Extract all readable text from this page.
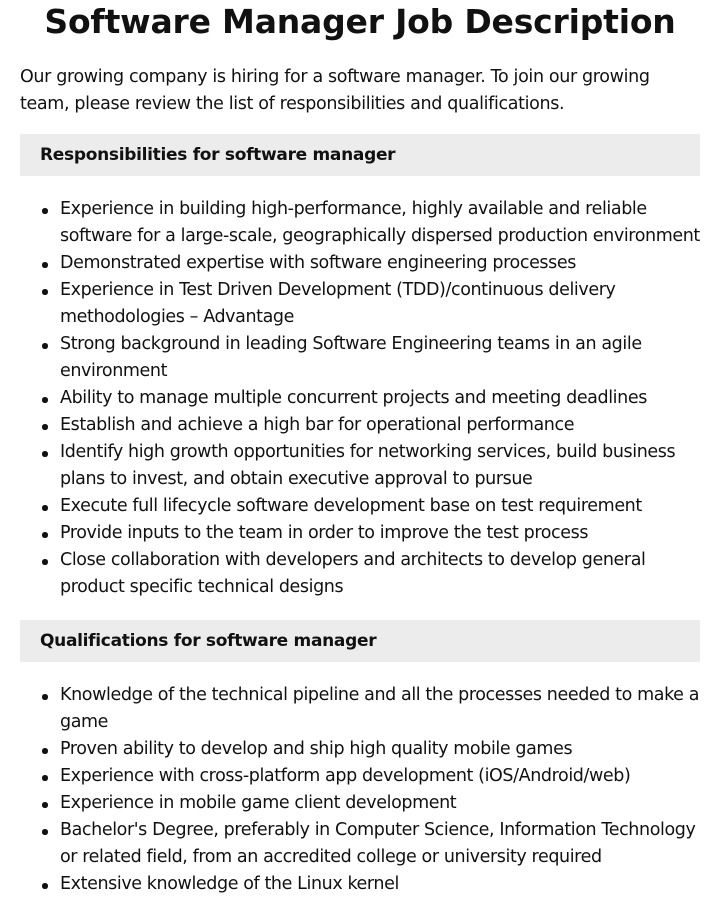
Software Manager Job Description

Our growing company is hiring for a software manager. To join our growing team, please review the list of responsibilities and qualifications.

Responsibilities for software manager
Experience in building high-performance, highly available and reliable software for a large-scale, geographically dispersed production environment
Demonstrated expertise with software engineering processes
Experience in Test Driven Development (TDD)/continuous delivery methodologies – Advantage
Strong background in leading Software Engineering teams in an agile environment
Ability to manage multiple concurrent projects and meeting deadlines
Establish and achieve a high bar for operational performance
Identify high growth opportunities for networking services, build business plans to invest, and obtain executive approval to pursue
Execute full lifecycle software development base on test requirement
Provide inputs to the team in order to improve the test process
Close collaboration with developers and architects to develop general product specific technical designs
Qualifications for software manager
Knowledge of the technical pipeline and all the processes needed to make a game
Proven ability to develop and ship high quality mobile games
Experience with cross-platform app development (iOS/Android/web)
Experience in mobile game client development
Bachelor's Degree, preferably in Computer Science, Information Technology or related field, from an accredited college or university required
Extensive knowledge of the Linux kernel
